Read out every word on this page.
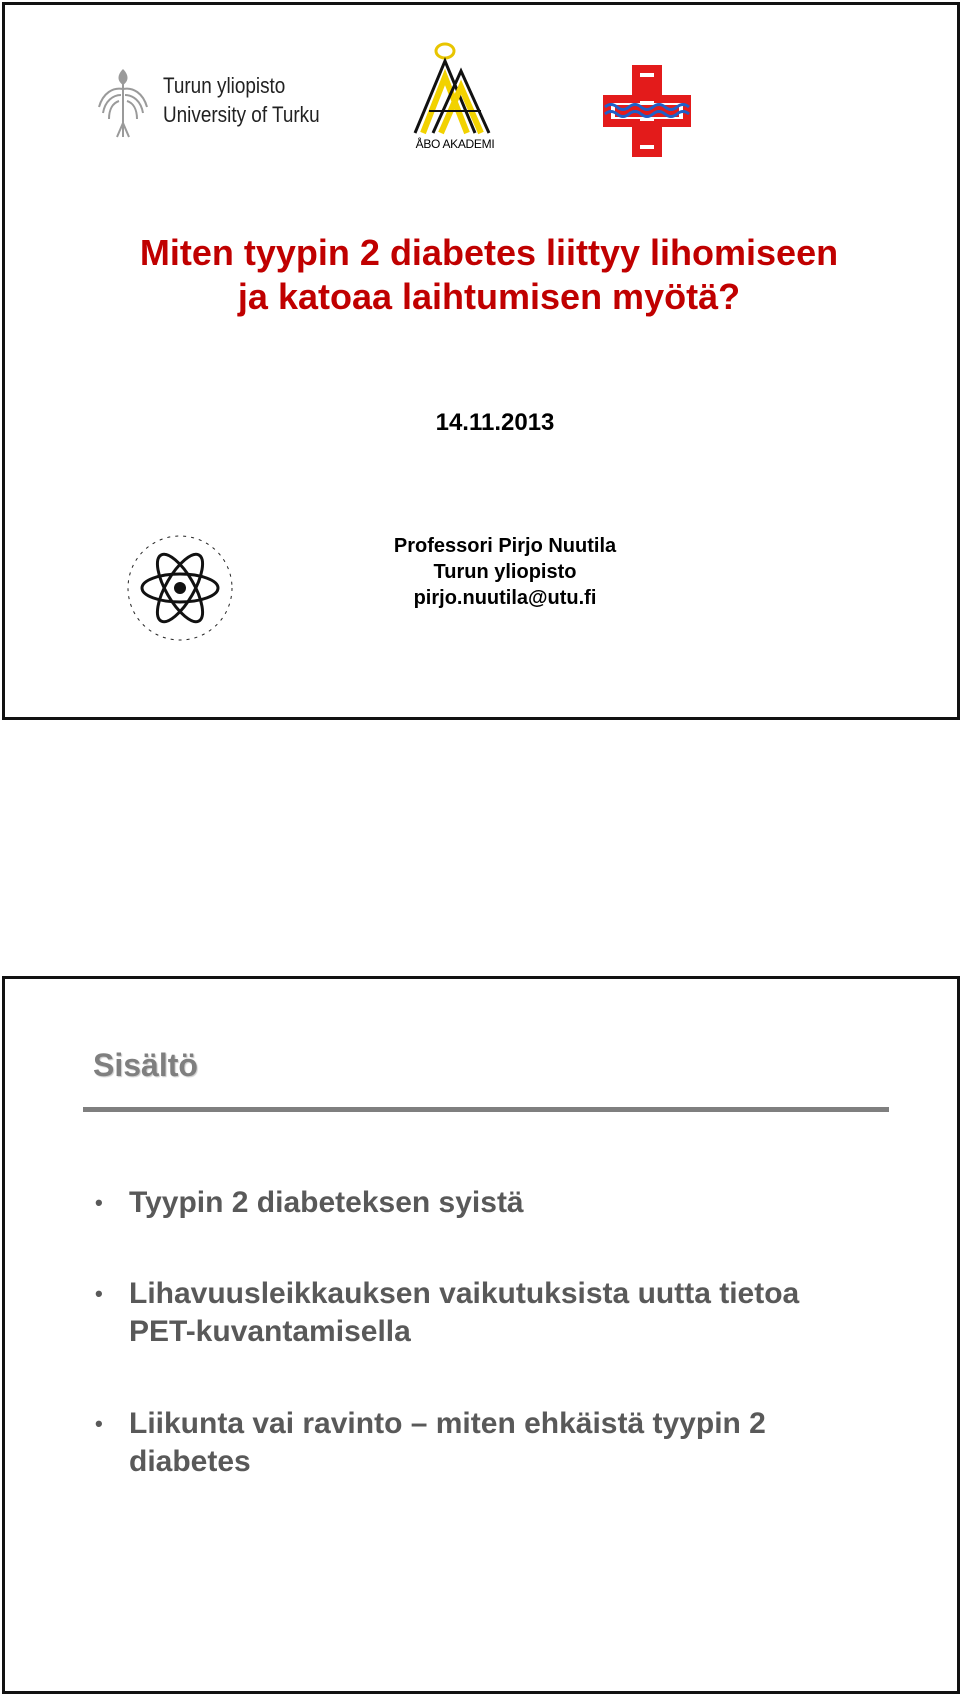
Turun yliopisto
University of Turku
ÅBO AKADEMI
Miten tyypin 2 diabetes liittyy lihomiseen
ja katoaa laihtumisen myötä?
14.11.2013
Professori Pirjo Nuutila
Turun yliopisto
pirjo.nuutila@utu.fi
Sisältö
• Tyypin 2 diabeteksen syistä
• Lihavuusleikkauksen vaikutuksista uutta tietoa
PET-kuvantamisella
• Liikunta vai ravinto – miten ehkäistä tyypin 2
diabetes
